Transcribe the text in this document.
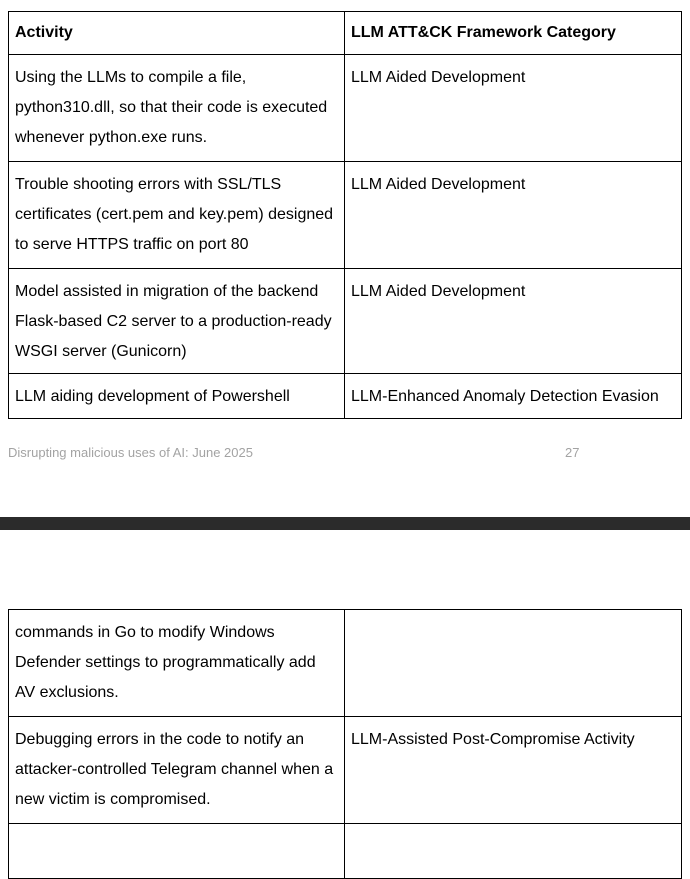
Activity	LLM ATT&CK Framework Category
Using the LLMs to compile a file, python310.dll, so that their code is executed whenever python.exe runs.	LLM Aided Development
Trouble shooting errors with SSL/TLS certificates (cert.pem and key.pem) designed to serve HTTPS traffic on port 80	LLM Aided Development
Model assisted in migration of the backend Flask-based C2 server to a production-ready WSGI server (Gunicorn)	LLM Aided Development
LLM aiding development of Powershell	LLM-Enhanced Anomaly Detection Evasion
Disrupting malicious uses of AI: June 2025	27
commands in Go to modify Windows Defender settings to programmatically add AV exclusions.	
Debugging errors in the code to notify an attacker-controlled Telegram channel when a new victim is compromised.	LLM-Assisted Post-Compromise Activity
